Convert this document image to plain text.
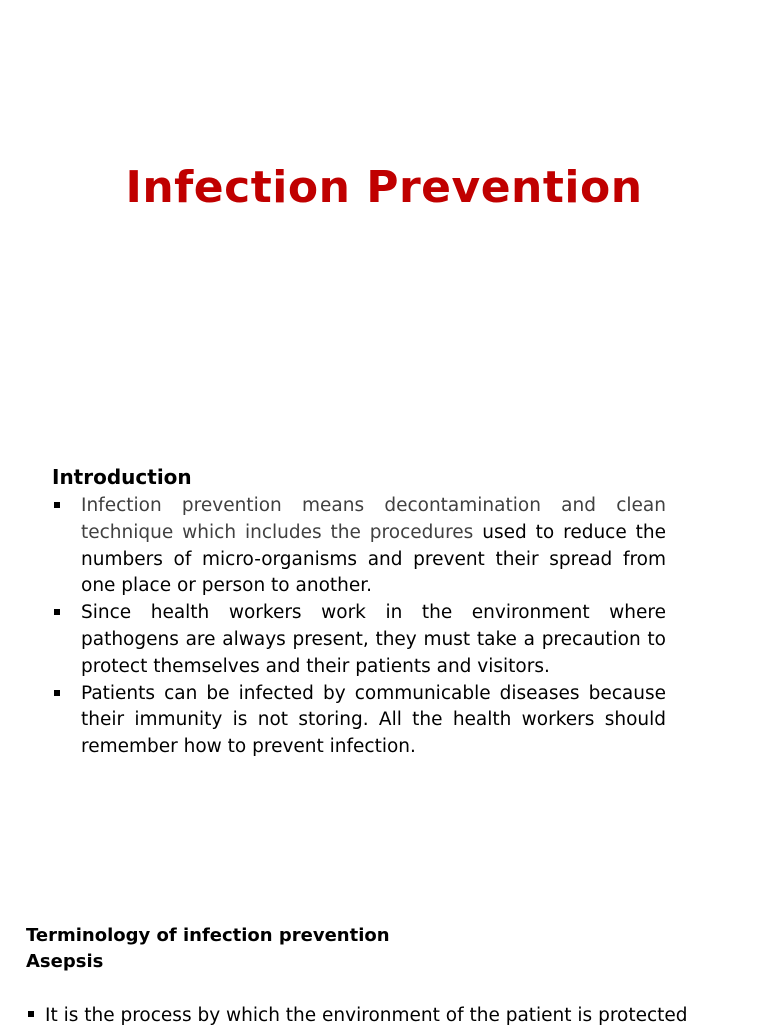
Infection Prevention
Introduction
Infection prevention means decontamination and clean technique which includes the procedures used to reduce the numbers of micro-organisms and prevent their spread from one place or person to another.
Since health workers work in the environment where pathogens are always present, they must take a precaution to protect themselves and their patients and visitors.
Patients can be infected by communicable diseases because their immunity is not storing. All the health workers should remember how to prevent infection.
Terminology of infection prevention
Asepsis
It is the process by which the environment of the patient is protected
